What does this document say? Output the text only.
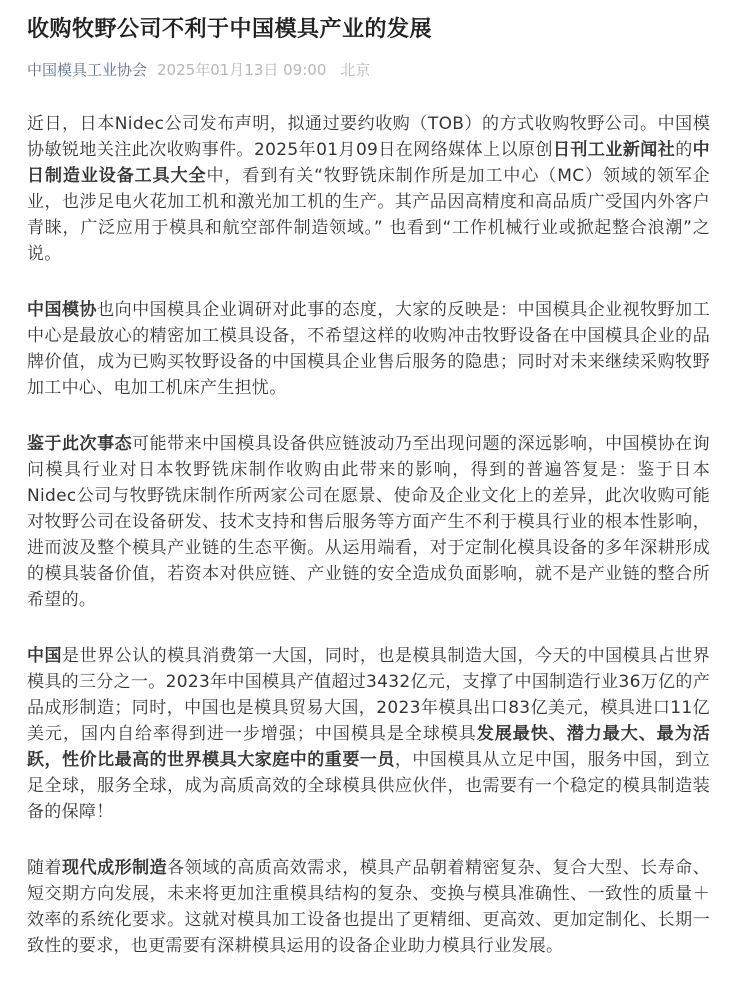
收购牧野公司不利于中国模具产业的发展
中国模具工业协会 2025年01月13日 09:00 北京

近日，日本Nidec公司发布声明，拟通过要约收购（TOB）的方式收购牧野公司。中国模协敏锐地关注此次收购事件。2025年01月09日在网络媒体上以原创日刊工业新闻社的中日制造业设备工具大全中，看到有关“牧野铣床制作所是加工中心（MC）领域的领军企业，也涉足电火花加工机和激光加工机的生产。其产品因高精度和高品质广受国内外客户青睐，广泛应用于模具和航空部件制造领域。” 也看到“工作机械行业或掀起整合浪潮”之说。

中国模协也向中国模具企业调研对此事的态度，大家的反映是：中国模具企业视牧野加工中心是最放心的精密加工模具设备，不希望这样的收购冲击牧野设备在中国模具企业的品牌价值，成为已购买牧野设备的中国模具企业售后服务的隐患；同时对未来继续采购牧野加工中心、电加工机床产生担忧。

鉴于此次事态可能带来中国模具设备供应链波动乃至出现问题的深远影响，中国模协在询问模具行业对日本牧野铣床制作收购由此带来的影响，得到的普遍答复是：鉴于日本Nidec公司与牧野铣床制作所两家公司在愿景、使命及企业文化上的差异，此次收购可能对牧野公司在设备研发、技术支持和售后服务等方面产生不利于模具行业的根本性影响，进而波及整个模具产业链的生态平衡。从运用端看，对于定制化模具设备的多年深耕形成的模具装备价值，若资本对供应链、产业链的安全造成负面影响，就不是产业链的整合所希望的。

中国是世界公认的模具消费第一大国，同时，也是模具制造大国，今天的中国模具占世界模具的三分之一。2023年中国模具产值超过3432亿元，支撑了中国制造行业36万亿的产品成形制造；同时，中国也是模具贸易大国，2023年模具出口83亿美元，模具进口11亿美元，国内自给率得到进一步增强；中国模具是全球模具发展最快、潜力最大、最为活跃，性价比最高的世界模具大家庭中的重要一员，中国模具从立足中国，服务中国，到立足全球，服务全球，成为高质高效的全球模具供应伙伴，也需要有一个稳定的模具制造装备的保障！

随着现代成形制造各领域的高质高效需求，模具产品朝着精密复杂、复合大型、长寿命、短交期方向发展，未来将更加注重模具结构的复杂、变换与模具准确性、一致性的质量＋效率的系统化要求。这就对模具加工设备也提出了更精细、更高效、更加定制化、长期一致性的要求，也更需要有深耕模具运用的设备企业助力模具行业发展。
